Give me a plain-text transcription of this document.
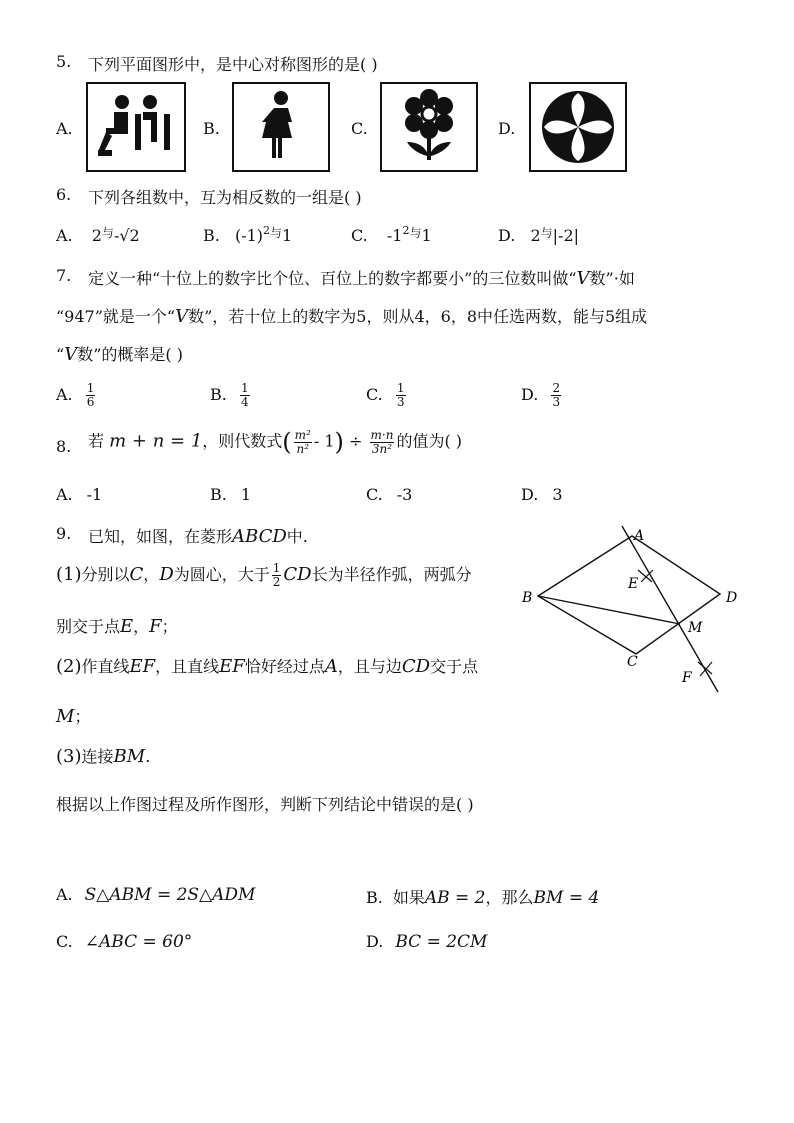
5. 下列平面图形中，是中心对称图形的是( )
A.	B.	C.	D.
6. 下列各组数中，互为相反数的一组是( )
A. $2^与-√2$	B. $(-1)^{2与}1$	C. $-1^{2与}1$	D. $2^与|-2|$
7. 定义一种“十位上的数字比个位、百位上的数字都要小”的三位数叫做“V数”·如
“947”就是一个“V数”，若十位上的数字为5，则从4，6，8中任选两数，能与5组成
“V数”的概率是( )
A. $\frac{1}{6}$	B. $\frac{1}{4}$	C. $\frac{1}{3}$	D. $\frac{2}{3}$
8. 若 m + n = 1，则代数式( $\frac{\text{m²}}{\text{n²}} - 1) \div \frac{m\cdot n}{\text{3n²}}$ 的值为( )
A. -1	B. 1	C. -3	D. 3
9. 已知，如图，在菱形ABCD中.
(1)分别以C，D为圆心，大于 $\frac{1}{2}$ CD长为半径作弧，两弧分
别交于点E，F；
(2)作直线EF，且直线EF恰好经过点A，且与边CD交于点
M；
(3)连接BM.
根据以上作图过程及所作图形，判断下列结论中错误的是( )
A
B
C
D
E
F
M
A. S△ABM = 2S△ADM	B. 如果AB = 2，那么BM = 4
C. ∠ABC = 60°	D. BC = 2CM
